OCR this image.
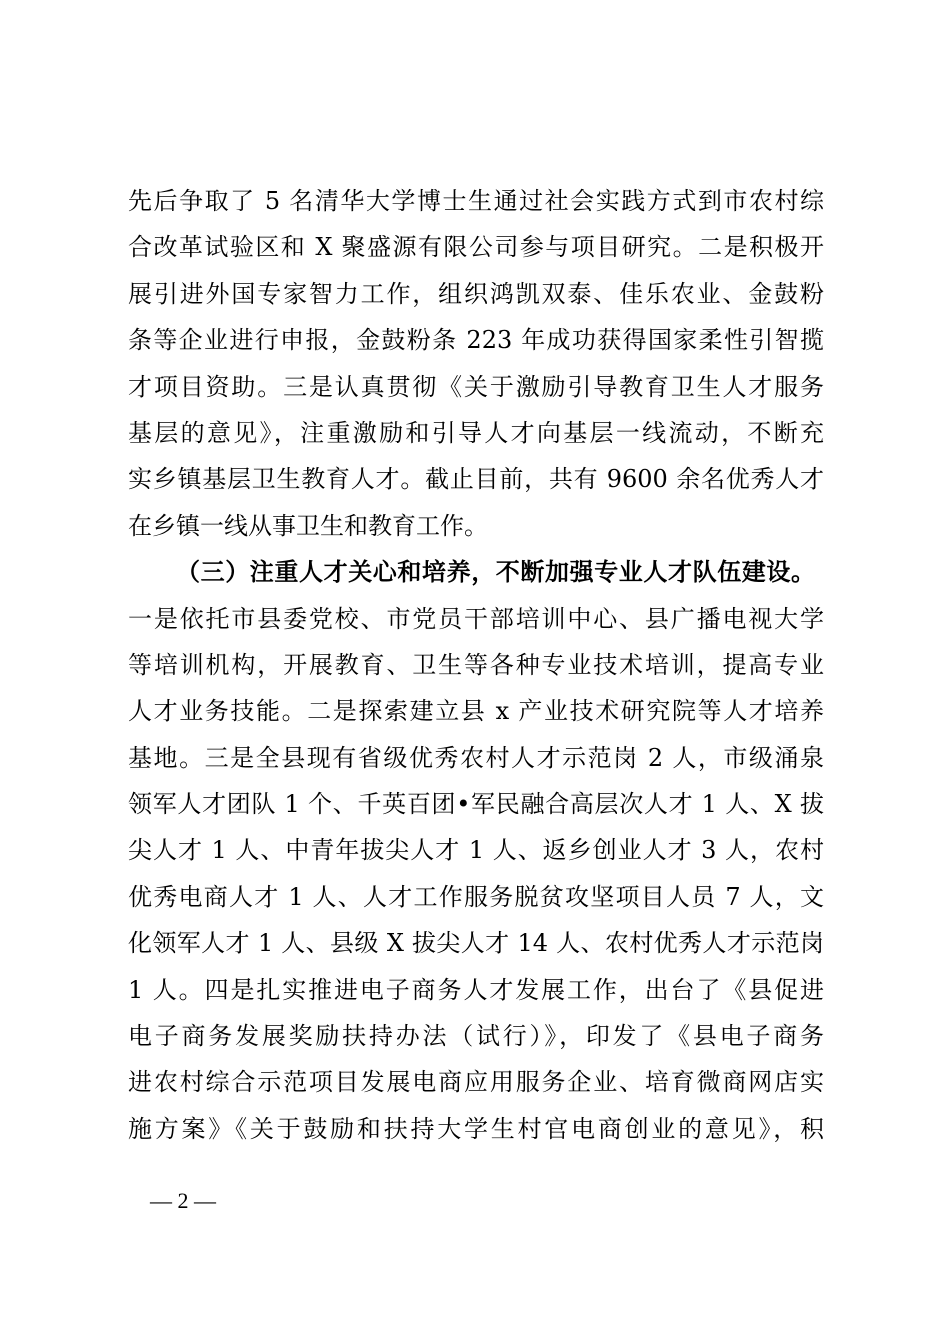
先后争取了 5 名清华大学博士生通过社会实践方式到市农村综
合改革试验区和 X 聚盛源有限公司参与项目研究。二是积极开
展引进外国专家智力工作，组织鸿凯双泰、佳乐农业、金鼓粉
条等企业进行申报，金鼓粉条 223 年成功获得国家柔性引智揽
才项目资助。三是认真贯彻《关于激励引导教育卫生人才服务
基层的意见》，注重激励和引导人才向基层一线流动，不断充
实乡镇基层卫生教育人才。截止目前，共有 9600 余名优秀人才
在乡镇一线从事卫生和教育工作。
（三）注重人才关心和培养，不断加强专业人才队伍建设。
一是依托市县委党校、市党员干部培训中心、县广播电视大学
等培训机构，开展教育、卫生等各种专业技术培训，提高专业
人才业务技能。二是探索建立县 x 产业技术研究院等人才培养
基地。三是全县现有省级优秀农村人才示范岗 2 人，市级涌泉
领军人才团队 1 个、千英百团•军民融合高层次人才 1 人、X 拔
尖人才 1 人、中青年拔尖人才 1 人、返乡创业人才 3 人，农村
优秀电商人才 1 人、人才工作服务脱贫攻坚项目人员 7 人，文
化领军人才 1 人、县级 X 拔尖人才 14 人、农村优秀人才示范岗
1 人。四是扎实推进电子商务人才发展工作，出台了《县促进
电子商务发展奖励扶持办法（试行）》，印发了《县电子商务
进农村综合示范项目发展电商应用服务企业、培育微商网店实
施方案》《关于鼓励和扶持大学生村官电商创业的意见》，积
— 2 —
